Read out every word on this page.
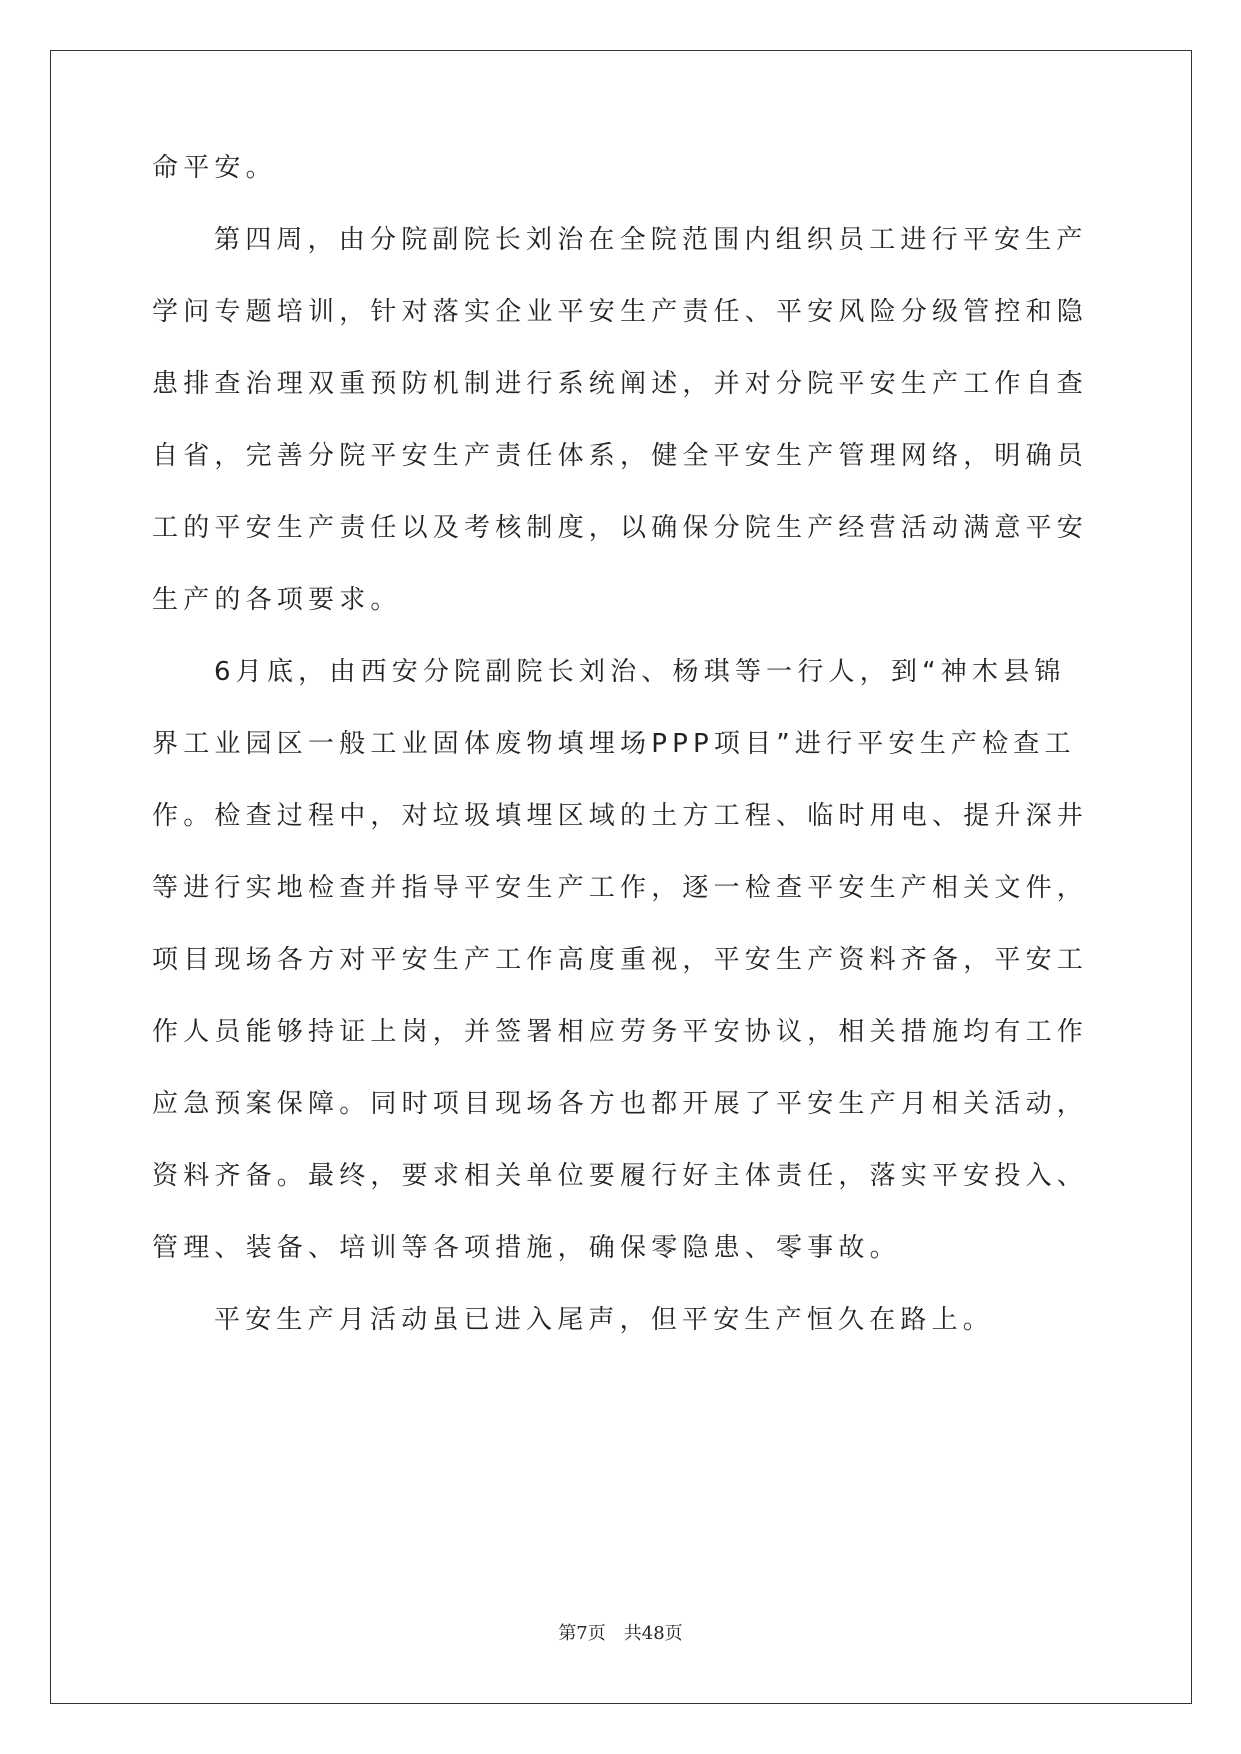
命平安。
第四周，由分院副院长刘治在全院范围内组织员工进行平安生产
学问专题培训，针对落实企业平安生产责任、平安风险分级管控和隐
患排查治理双重预防机制进行系统阐述，并对分院平安生产工作自查
自省，完善分院平安生产责任体系，健全平安生产管理网络，明确员
工的平安生产责任以及考核制度，以确保分院生产经营活动满意平安
生产的各项要求。
6月底，由西安分院副院长刘治、杨琪等一行人，到“神木县锦
界工业园区一般工业固体废物填埋场PPP项目”进行平安生产检查工
作。检查过程中，对垃圾填埋区域的土方工程、临时用电、提升深井
等进行实地检查并指导平安生产工作，逐一检查平安生产相关文件，
项目现场各方对平安生产工作高度重视，平安生产资料齐备，平安工
作人员能够持证上岗，并签署相应劳务平安协议，相关措施均有工作
应急预案保障。同时项目现场各方也都开展了平安生产月相关活动，
资料齐备。最终，要求相关单位要履行好主体责任，落实平安投入、
管理、装备、培训等各项措施，确保零隐患、零事故。
平安生产月活动虽已进入尾声，但平安生产恒久在路上。
第7页 共48页
